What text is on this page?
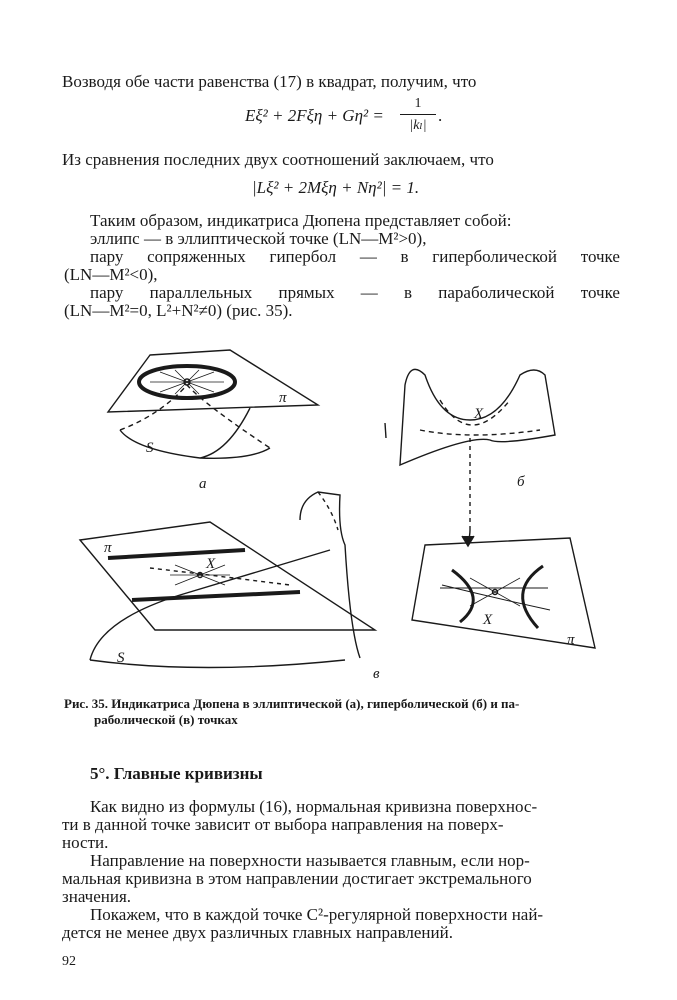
Возводя обе части равенства (17) в квадрат, получим, что
Eξ² + 2Fξη + Gη² =
1
|kₗ|
.
Из сравнения последних двух соотношений заключаем, что
|Lξ² + 2Mξη + Nη²| = 1.
Таким образом, индикатриса Дюпена представляет собой:
эллипс — в эллиптической точке (LN—M²>0),
пару сопряженных гипербол — в гиперболической точке
(LN—M²<0),
пару параллельных прямых — в параболической точке
(LN—M²=0, L²+N²≠0) (рис. 35).
π
S
а
X
б
π
X
S
в
X
π
Рис. 35. Индикатриса Дюпена в эллиптической (а), гиперболической (б) и па-
раболической (в) точках
5°. Главные кривизны
Как видно из формулы (16), нормальная кривизна поверхнос-
ти в данной точке зависит от выбора направления на поверх-
ности.
Направление на поверхности называется главным, если нор-
мальная кривизна в этом направлении достигает экстремального
значения.
Покажем, что в каждой точке C²-регулярной поверхности най-
дется не менее двух различных главных направлений.
92
